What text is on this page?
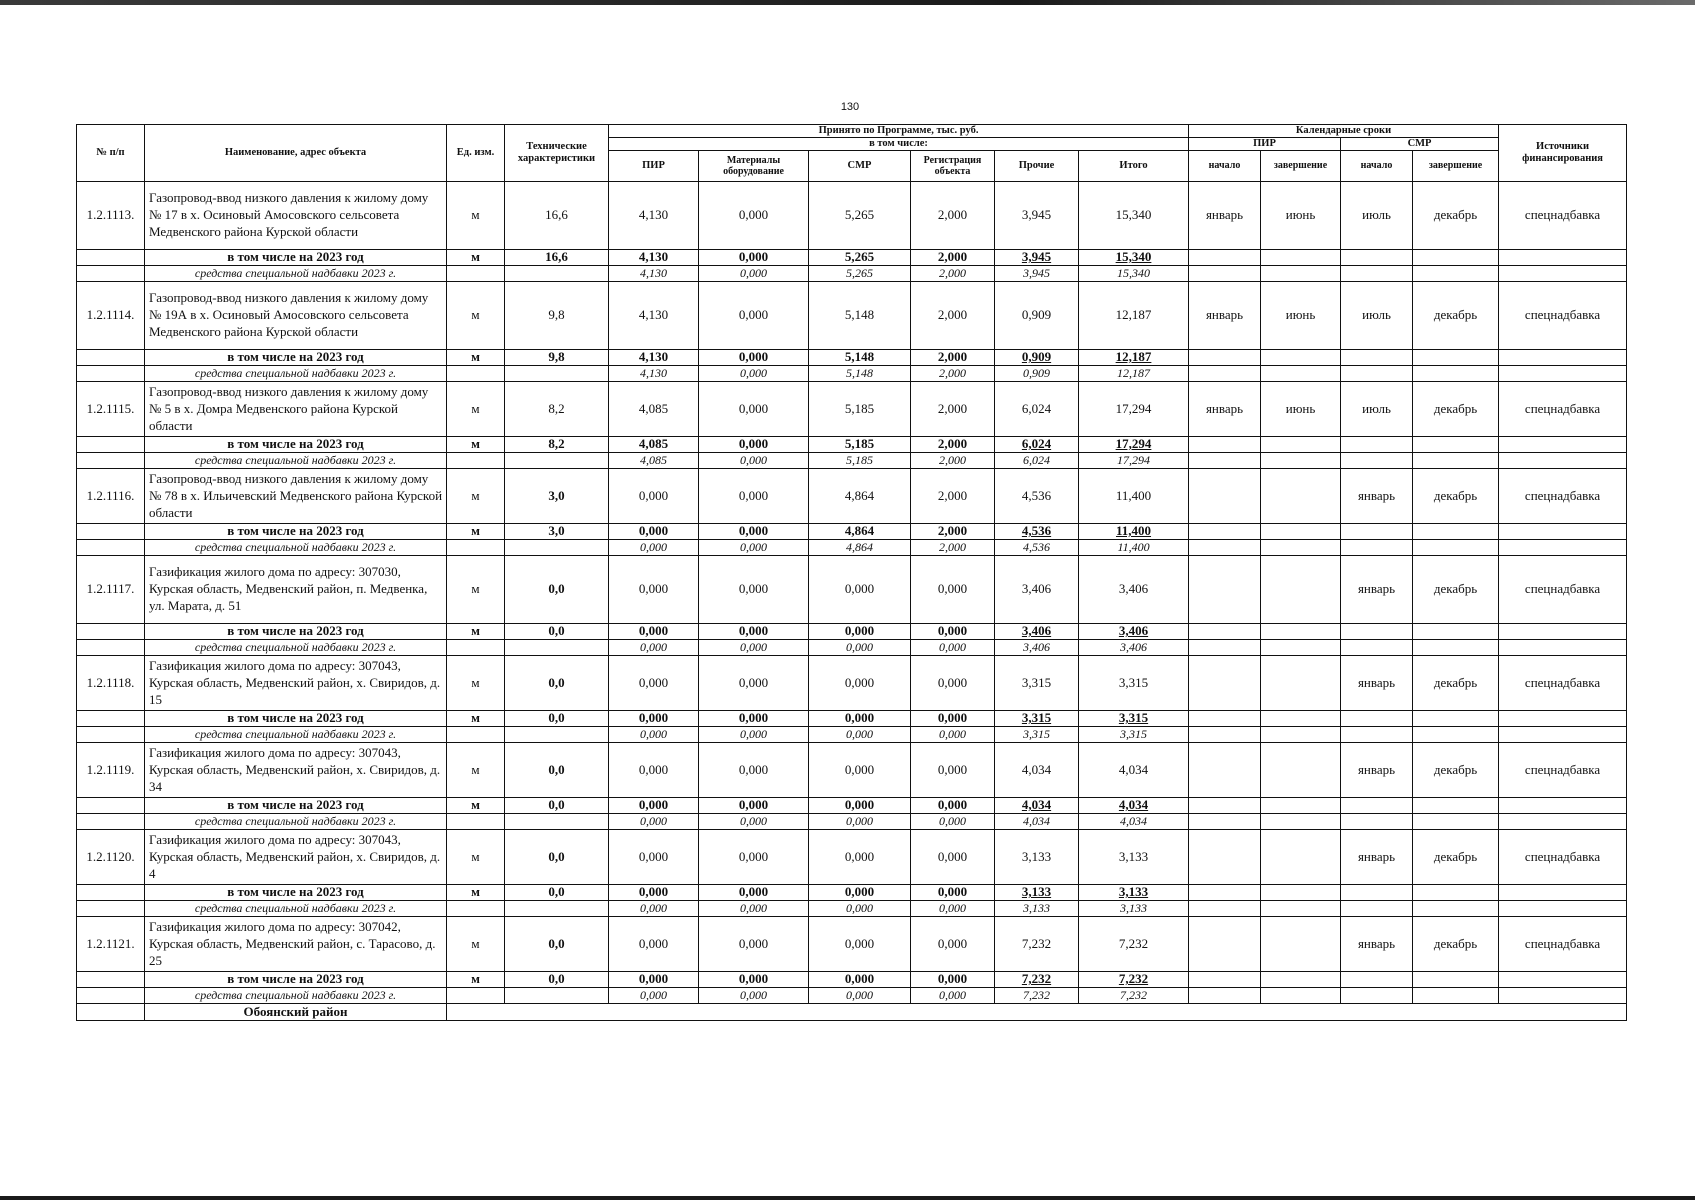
130
№ п/п	Наименование, адрес объекта	Ед. изм.	Технические характеристики	Принято по Программе, тыс. руб.						Календарные сроки				Источники финансирования
				в том числе:						ПИР		СМР		
				ПИР	Материалы оборудование	СМР	Регистрация объекта	Прочие	Итого	начало	завершение	начало	завершение	
1.2.1113.	Газопровод-ввод низкого давления к жилому дому № 17 в х. Осиновый Амосовского сельсовета Медвенского района Курской области	м	16,6	4,130	0,000	5,265	2,000	3,945	15,340	январь	июнь	июль	декабрь	спецнадбавка
	в том числе на 2023 год	м	16,6	4,130	0,000	5,265	2,000	3,945	15,340					
	средства специальной надбавки 2023 г.			4,130	0,000	5,265	2,000	3,945	15,340					
1.2.1114.	Газопровод-ввод низкого давления к жилому дому № 19А в х. Осиновый Амосовского сельсовета Медвенского района Курской области	м	9,8	4,130	0,000	5,148	2,000	0,909	12,187	январь	июнь	июль	декабрь	спецнадбавка
	в том числе на 2023 год	м	9,8	4,130	0,000	5,148	2,000	0,909	12,187					
	средства специальной надбавки 2023 г.			4,130	0,000	5,148	2,000	0,909	12,187					
1.2.1115.	Газопровод-ввод низкого давления к жилому дому № 5 в х. Домра Медвенского района Курской области	м	8,2	4,085	0,000	5,185	2,000	6,024	17,294	январь	июнь	июль	декабрь	спецнадбавка
	в том числе на 2023 год	м	8,2	4,085	0,000	5,185	2,000	6,024	17,294					
	средства специальной надбавки 2023 г.			4,085	0,000	5,185	2,000	6,024	17,294					
1.2.1116.	Газопровод-ввод низкого давления к жилому дому № 78 в х. Ильичевский Медвенского района Курской области	м	3,0	0,000	0,000	4,864	2,000	4,536	11,400			январь	декабрь	спецнадбавка
	в том числе на 2023 год	м	3,0	0,000	0,000	4,864	2,000	4,536	11,400					
	средства специальной надбавки 2023 г.			0,000	0,000	4,864	2,000	4,536	11,400					
1.2.1117.	Газификация жилого дома по адресу: 307030, Курская область, Медвенский район, п. Медвенка, ул. Марата, д. 51	м	0,0	0,000	0,000	0,000	0,000	3,406	3,406			январь	декабрь	спецнадбавка
	в том числе на 2023 год	м	0,0	0,000	0,000	0,000	0,000	3,406	3,406					
	средства специальной надбавки 2023 г.			0,000	0,000	0,000	0,000	3,406	3,406					
1.2.1118.	Газификация жилого дома по адресу: 307043, Курская область, Медвенский район, х. Свиридов, д. 15	м	0,0	0,000	0,000	0,000	0,000	3,315	3,315			январь	декабрь	спецнадбавка
	в том числе на 2023 год	м	0,0	0,000	0,000	0,000	0,000	3,315	3,315					
	средства специальной надбавки 2023 г.			0,000	0,000	0,000	0,000	3,315	3,315					
1.2.1119.	Газификация жилого дома по адресу: 307043, Курская область, Медвенский район, х. Свиридов, д. 34	м	0,0	0,000	0,000	0,000	0,000	4,034	4,034			январь	декабрь	спецнадбавка
	в том числе на 2023 год	м	0,0	0,000	0,000	0,000	0,000	4,034	4,034					
	средства специальной надбавки 2023 г.			0,000	0,000	0,000	0,000	4,034	4,034					
1.2.1120.	Газификация жилого дома по адресу: 307043, Курская область, Медвенский район, х. Свиридов, д. 4	м	0,0	0,000	0,000	0,000	0,000	3,133	3,133			январь	декабрь	спецнадбавка
	в том числе на 2023 год	м	0,0	0,000	0,000	0,000	0,000	3,133	3,133					
	средства специальной надбавки 2023 г.			0,000	0,000	0,000	0,000	3,133	3,133					
1.2.1121.	Газификация жилого дома по адресу: 307042, Курская область, Медвенский район, с. Тарасово, д. 25	м	0,0	0,000	0,000	0,000	0,000	7,232	7,232			январь	декабрь	спецнадбавка
	в том числе на 2023 год	м	0,0	0,000	0,000	0,000	0,000	7,232	7,232					
	средства специальной надбавки 2023 г.			0,000	0,000	0,000	0,000	7,232	7,232					
	Обоянский район													
